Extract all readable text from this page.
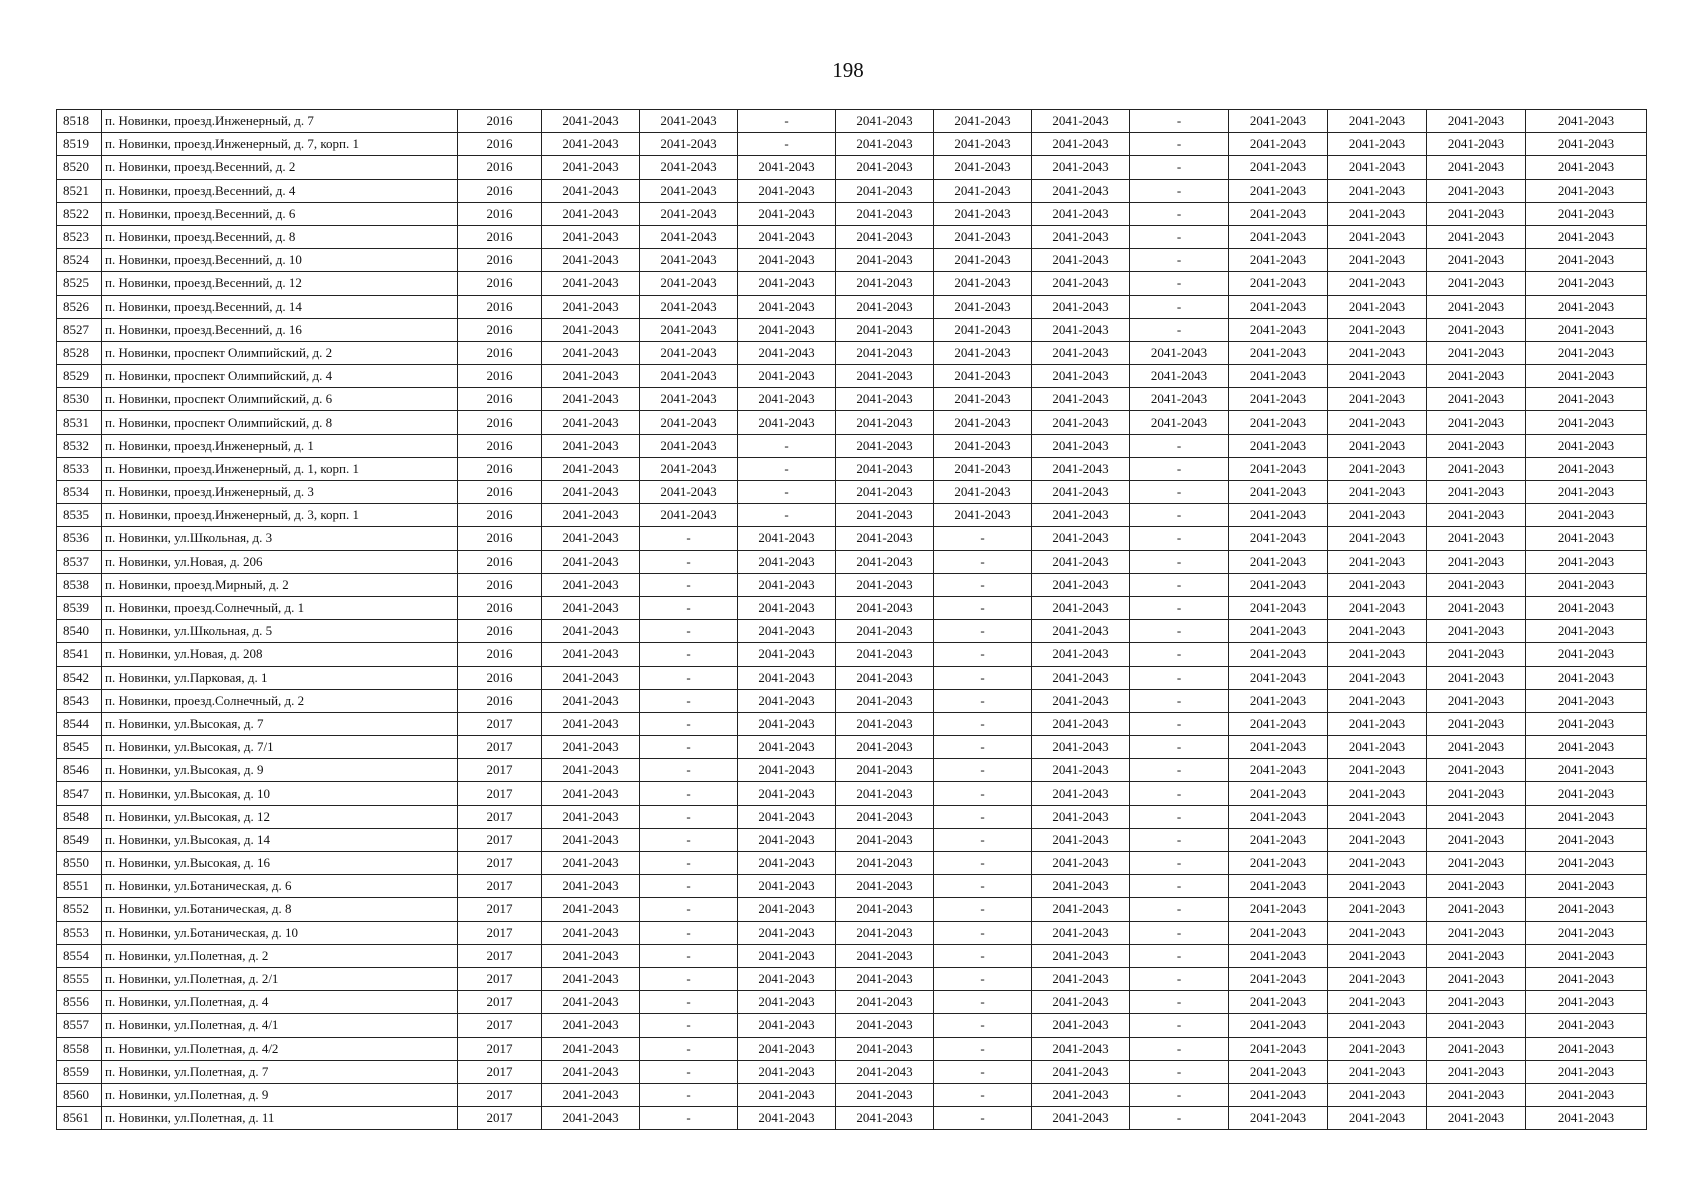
198
8518	п. Новинки, проезд.Инженерный, д. 7	2016	2041-2043	2041-2043	-	2041-2043	2041-2043	2041-2043	-	2041-2043	2041-2043	2041-2043	2041-2043
8519	п. Новинки, проезд.Инженерный, д. 7, корп. 1	2016	2041-2043	2041-2043	-	2041-2043	2041-2043	2041-2043	-	2041-2043	2041-2043	2041-2043	2041-2043
8520	п. Новинки, проезд.Весенний, д. 2	2016	2041-2043	2041-2043	2041-2043	2041-2043	2041-2043	2041-2043	-	2041-2043	2041-2043	2041-2043	2041-2043
8521	п. Новинки, проезд.Весенний, д. 4	2016	2041-2043	2041-2043	2041-2043	2041-2043	2041-2043	2041-2043	-	2041-2043	2041-2043	2041-2043	2041-2043
8522	п. Новинки, проезд.Весенний, д. 6	2016	2041-2043	2041-2043	2041-2043	2041-2043	2041-2043	2041-2043	-	2041-2043	2041-2043	2041-2043	2041-2043
8523	п. Новинки, проезд.Весенний, д. 8	2016	2041-2043	2041-2043	2041-2043	2041-2043	2041-2043	2041-2043	-	2041-2043	2041-2043	2041-2043	2041-2043
8524	п. Новинки, проезд.Весенний, д. 10	2016	2041-2043	2041-2043	2041-2043	2041-2043	2041-2043	2041-2043	-	2041-2043	2041-2043	2041-2043	2041-2043
8525	п. Новинки, проезд.Весенний, д. 12	2016	2041-2043	2041-2043	2041-2043	2041-2043	2041-2043	2041-2043	-	2041-2043	2041-2043	2041-2043	2041-2043
8526	п. Новинки, проезд.Весенний, д. 14	2016	2041-2043	2041-2043	2041-2043	2041-2043	2041-2043	2041-2043	-	2041-2043	2041-2043	2041-2043	2041-2043
8527	п. Новинки, проезд.Весенний, д. 16	2016	2041-2043	2041-2043	2041-2043	2041-2043	2041-2043	2041-2043	-	2041-2043	2041-2043	2041-2043	2041-2043
8528	п. Новинки, проспект Олимпийский, д. 2	2016	2041-2043	2041-2043	2041-2043	2041-2043	2041-2043	2041-2043	2041-2043	2041-2043	2041-2043	2041-2043	2041-2043
8529	п. Новинки, проспект Олимпийский, д. 4	2016	2041-2043	2041-2043	2041-2043	2041-2043	2041-2043	2041-2043	2041-2043	2041-2043	2041-2043	2041-2043	2041-2043
8530	п. Новинки, проспект Олимпийский, д. 6	2016	2041-2043	2041-2043	2041-2043	2041-2043	2041-2043	2041-2043	2041-2043	2041-2043	2041-2043	2041-2043	2041-2043
8531	п. Новинки, проспект Олимпийский, д. 8	2016	2041-2043	2041-2043	2041-2043	2041-2043	2041-2043	2041-2043	2041-2043	2041-2043	2041-2043	2041-2043	2041-2043
8532	п. Новинки, проезд.Инженерный, д. 1	2016	2041-2043	2041-2043	-	2041-2043	2041-2043	2041-2043	-	2041-2043	2041-2043	2041-2043	2041-2043
8533	п. Новинки, проезд.Инженерный, д. 1, корп. 1	2016	2041-2043	2041-2043	-	2041-2043	2041-2043	2041-2043	-	2041-2043	2041-2043	2041-2043	2041-2043
8534	п. Новинки, проезд.Инженерный, д. 3	2016	2041-2043	2041-2043	-	2041-2043	2041-2043	2041-2043	-	2041-2043	2041-2043	2041-2043	2041-2043
8535	п. Новинки, проезд.Инженерный, д. 3, корп. 1	2016	2041-2043	2041-2043	-	2041-2043	2041-2043	2041-2043	-	2041-2043	2041-2043	2041-2043	2041-2043
8536	п. Новинки, ул.Школьная, д. 3	2016	2041-2043	-	2041-2043	2041-2043	-	2041-2043	-	2041-2043	2041-2043	2041-2043	2041-2043
8537	п. Новинки, ул.Новая, д. 206	2016	2041-2043	-	2041-2043	2041-2043	-	2041-2043	-	2041-2043	2041-2043	2041-2043	2041-2043
8538	п. Новинки, проезд.Мирный, д. 2	2016	2041-2043	-	2041-2043	2041-2043	-	2041-2043	-	2041-2043	2041-2043	2041-2043	2041-2043
8539	п. Новинки, проезд.Солнечный, д. 1	2016	2041-2043	-	2041-2043	2041-2043	-	2041-2043	-	2041-2043	2041-2043	2041-2043	2041-2043
8540	п. Новинки, ул.Школьная, д. 5	2016	2041-2043	-	2041-2043	2041-2043	-	2041-2043	-	2041-2043	2041-2043	2041-2043	2041-2043
8541	п. Новинки, ул.Новая, д. 208	2016	2041-2043	-	2041-2043	2041-2043	-	2041-2043	-	2041-2043	2041-2043	2041-2043	2041-2043
8542	п. Новинки, ул.Парковая, д. 1	2016	2041-2043	-	2041-2043	2041-2043	-	2041-2043	-	2041-2043	2041-2043	2041-2043	2041-2043
8543	п. Новинки, проезд.Солнечный, д. 2	2016	2041-2043	-	2041-2043	2041-2043	-	2041-2043	-	2041-2043	2041-2043	2041-2043	2041-2043
8544	п. Новинки, ул.Высокая, д. 7	2017	2041-2043	-	2041-2043	2041-2043	-	2041-2043	-	2041-2043	2041-2043	2041-2043	2041-2043
8545	п. Новинки, ул.Высокая, д. 7/1	2017	2041-2043	-	2041-2043	2041-2043	-	2041-2043	-	2041-2043	2041-2043	2041-2043	2041-2043
8546	п. Новинки, ул.Высокая, д. 9	2017	2041-2043	-	2041-2043	2041-2043	-	2041-2043	-	2041-2043	2041-2043	2041-2043	2041-2043
8547	п. Новинки, ул.Высокая, д. 10	2017	2041-2043	-	2041-2043	2041-2043	-	2041-2043	-	2041-2043	2041-2043	2041-2043	2041-2043
8548	п. Новинки, ул.Высокая, д. 12	2017	2041-2043	-	2041-2043	2041-2043	-	2041-2043	-	2041-2043	2041-2043	2041-2043	2041-2043
8549	п. Новинки, ул.Высокая, д. 14	2017	2041-2043	-	2041-2043	2041-2043	-	2041-2043	-	2041-2043	2041-2043	2041-2043	2041-2043
8550	п. Новинки, ул.Высокая, д. 16	2017	2041-2043	-	2041-2043	2041-2043	-	2041-2043	-	2041-2043	2041-2043	2041-2043	2041-2043
8551	п. Новинки, ул.Ботаническая, д. 6	2017	2041-2043	-	2041-2043	2041-2043	-	2041-2043	-	2041-2043	2041-2043	2041-2043	2041-2043
8552	п. Новинки, ул.Ботаническая, д. 8	2017	2041-2043	-	2041-2043	2041-2043	-	2041-2043	-	2041-2043	2041-2043	2041-2043	2041-2043
8553	п. Новинки, ул.Ботаническая, д. 10	2017	2041-2043	-	2041-2043	2041-2043	-	2041-2043	-	2041-2043	2041-2043	2041-2043	2041-2043
8554	п. Новинки, ул.Полетная, д. 2	2017	2041-2043	-	2041-2043	2041-2043	-	2041-2043	-	2041-2043	2041-2043	2041-2043	2041-2043
8555	п. Новинки, ул.Полетная, д. 2/1	2017	2041-2043	-	2041-2043	2041-2043	-	2041-2043	-	2041-2043	2041-2043	2041-2043	2041-2043
8556	п. Новинки, ул.Полетная, д. 4	2017	2041-2043	-	2041-2043	2041-2043	-	2041-2043	-	2041-2043	2041-2043	2041-2043	2041-2043
8557	п. Новинки, ул.Полетная, д. 4/1	2017	2041-2043	-	2041-2043	2041-2043	-	2041-2043	-	2041-2043	2041-2043	2041-2043	2041-2043
8558	п. Новинки, ул.Полетная, д. 4/2	2017	2041-2043	-	2041-2043	2041-2043	-	2041-2043	-	2041-2043	2041-2043	2041-2043	2041-2043
8559	п. Новинки, ул.Полетная, д. 7	2017	2041-2043	-	2041-2043	2041-2043	-	2041-2043	-	2041-2043	2041-2043	2041-2043	2041-2043
8560	п. Новинки, ул.Полетная, д. 9	2017	2041-2043	-	2041-2043	2041-2043	-	2041-2043	-	2041-2043	2041-2043	2041-2043	2041-2043
8561	п. Новинки, ул.Полетная, д. 11	2017	2041-2043	-	2041-2043	2041-2043	-	2041-2043	-	2041-2043	2041-2043	2041-2043	2041-2043
